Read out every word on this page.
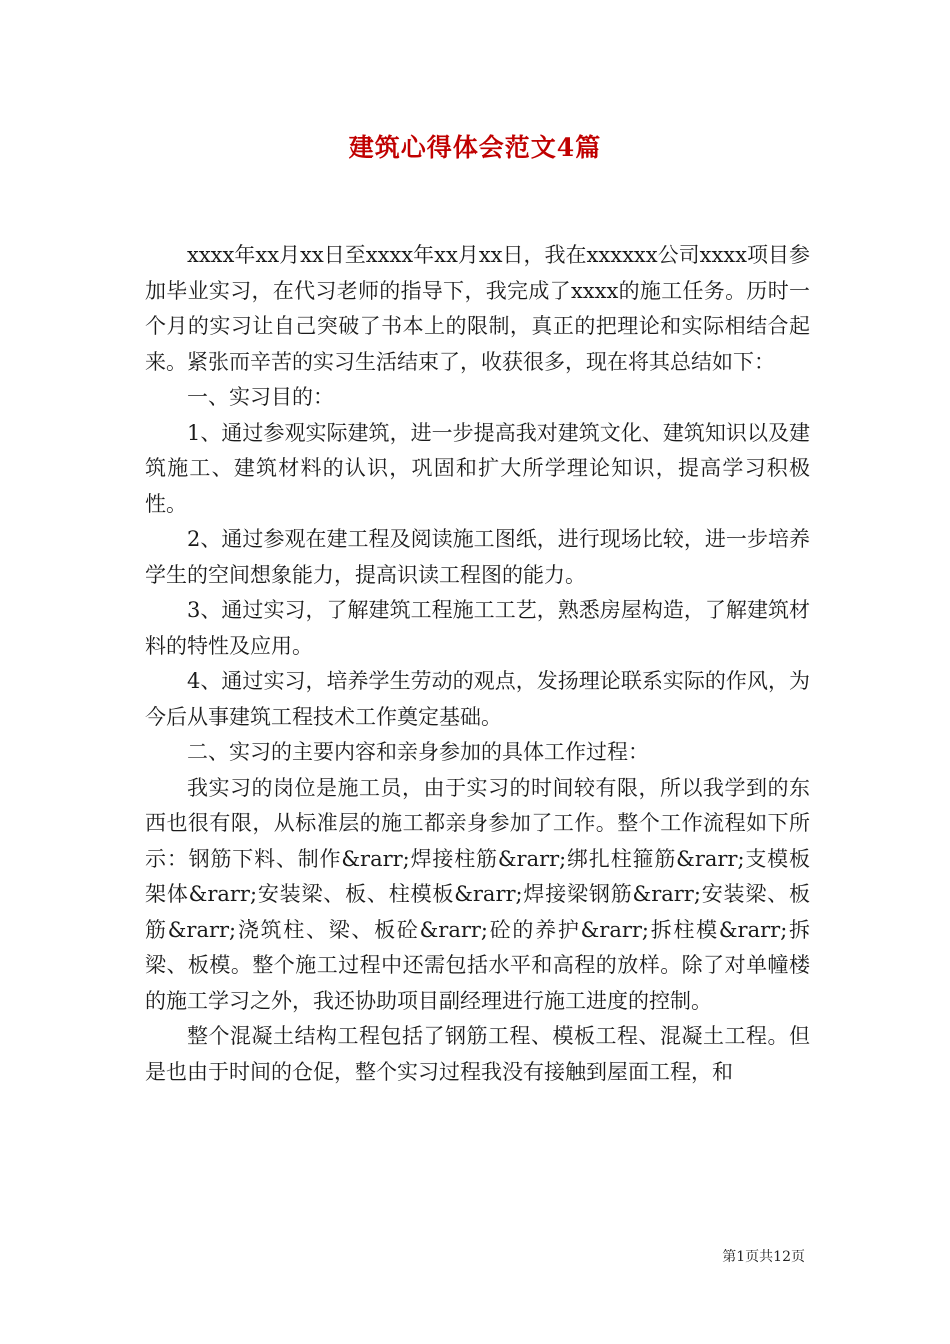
建筑心得体会范文4篇

xxxx年xx月xx日至xxxx年xx月xx日，我在xxxxxx公司xxxx项目参加毕业实习，在代习老师的指导下，我完成了xxxx的施工任务。历时一个月的实习让自己突破了书本上的限制，真正的把理论和实际相结合起来。紧张而辛苦的实习生活结束了，收获很多，现在将其总结如下：

一、实习目的：

1、通过参观实际建筑，进一步提高我对建筑文化、建筑知识以及建筑施工、建筑材料的认识，巩固和扩大所学理论知识，提高学习积极性。

2、通过参观在建工程及阅读施工图纸，进行现场比较，进一步培养学生的空间想象能力，提高识读工程图的能力。

3、通过实习，了解建筑工程施工工艺，熟悉房屋构造，了解建筑材料的特性及应用。

4、通过实习，培养学生劳动的观点，发扬理论联系实际的作风，为今后从事建筑工程技术工作奠定基础。

二、实习的主要内容和亲身参加的具体工作过程：

我实习的岗位是施工员，由于实习的时间较有限，所以我学到的东西也很有限，从标准层的施工都亲身参加了工作。整个工作流程如下所示：钢筋下料、制作&rarr;焊接柱筋&rarr;绑扎柱箍筋&rarr;支模板架体&rarr;安装梁、板、柱模板&rarr;焊接梁钢筋&rarr;安装梁、板筋&rarr;浇筑柱、梁、板砼&rarr;砼的养护&rarr;拆柱模&rarr;拆梁、板模。整个施工过程中还需包括水平和高程的放样。除了对单幢楼的施工学习之外，我还协助项目副经理进行施工进度的控制。

整个混凝土结构工程包括了钢筋工程、模板工程、混凝土工程。但是也由于时间的仓促，整个实习过程我没有接触到屋面工程，和

第1页共12页
